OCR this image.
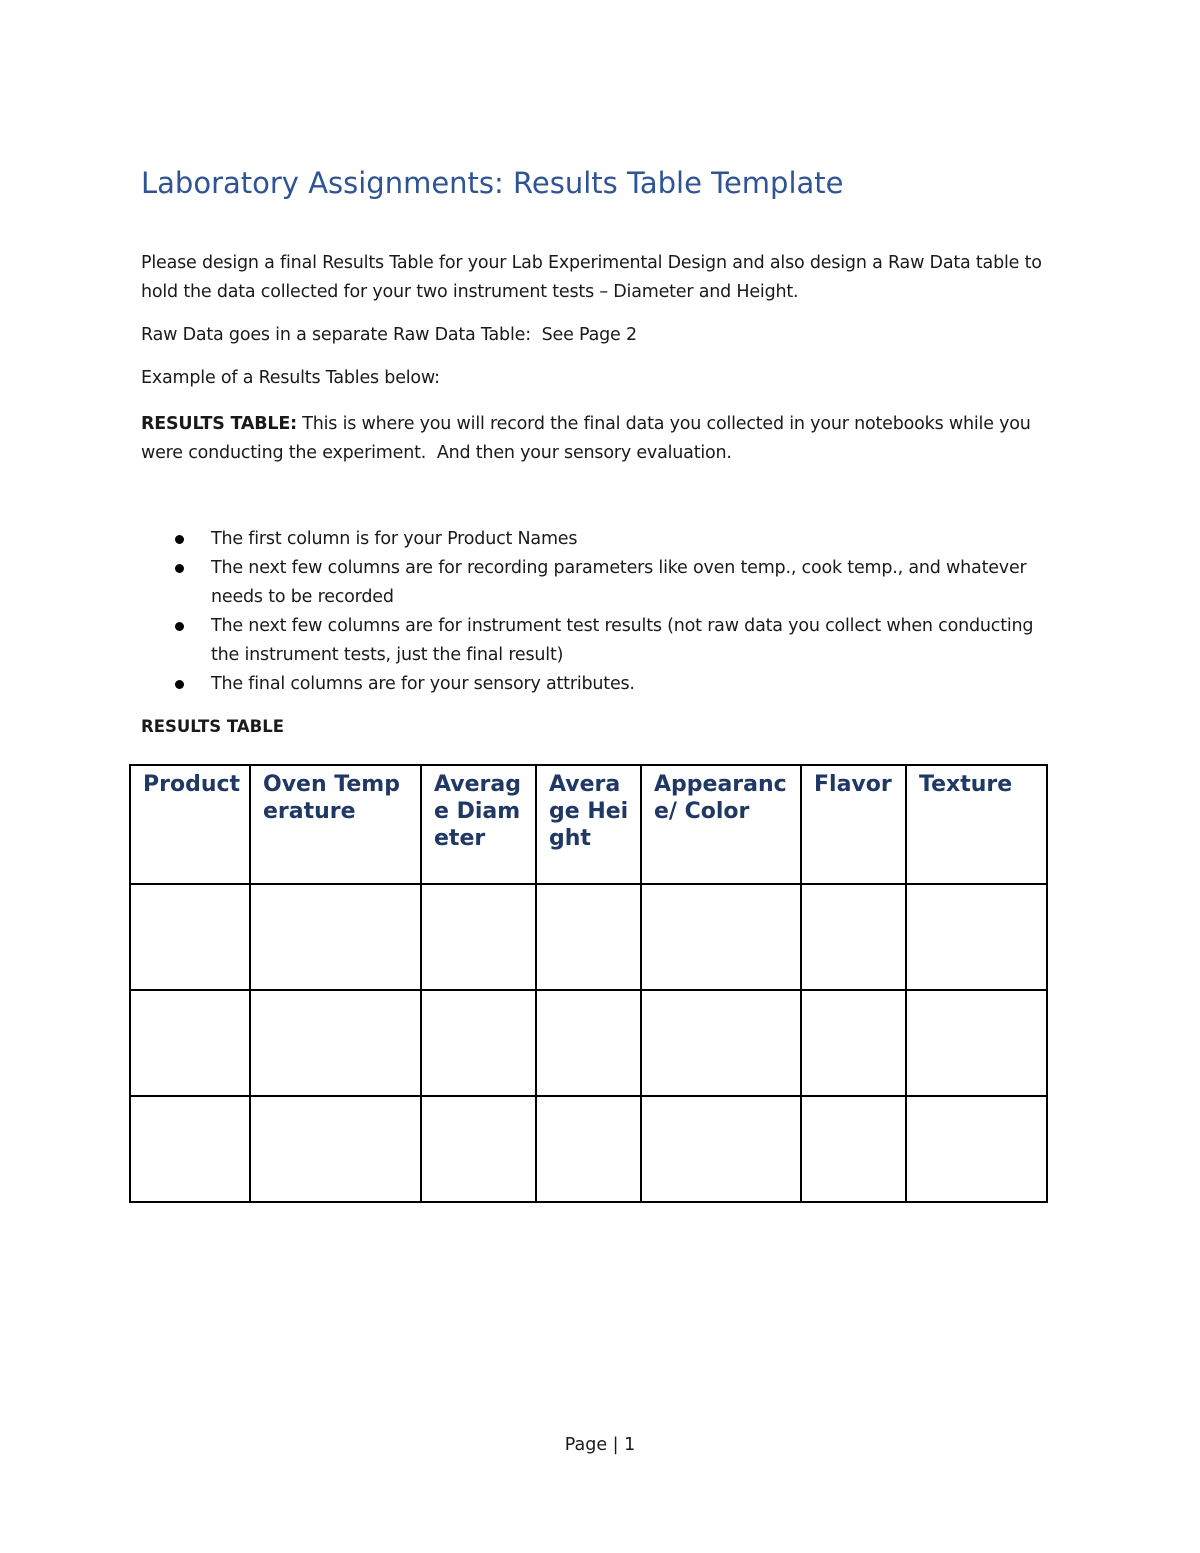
Laboratory Assignments: Results Table Template

Please design a final Results Table for your Lab Experimental Design and also design a Raw Data table to hold the data collected for your two instrument tests – Diameter and Height.

Raw Data goes in a separate Raw Data Table:  See Page 2

Example of a Results Tables below:

RESULTS TABLE: This is where you will record the final data you collected in your notebooks while you were conducting the experiment.  And then your sensory evaluation.

The first column is for your Product Names
The next few columns are for recording parameters like oven temp., cook temp., and whatever needs to be recorded
The next few columns are for instrument test results (not raw data you collect when conducting the instrument tests, just the final result)
The final columns are for your sensory attributes.

RESULTS TABLE

Product	Oven Temperature	Average Diameter	Average Height	Appearance/ Color	Flavor	Texture

Page | 1
